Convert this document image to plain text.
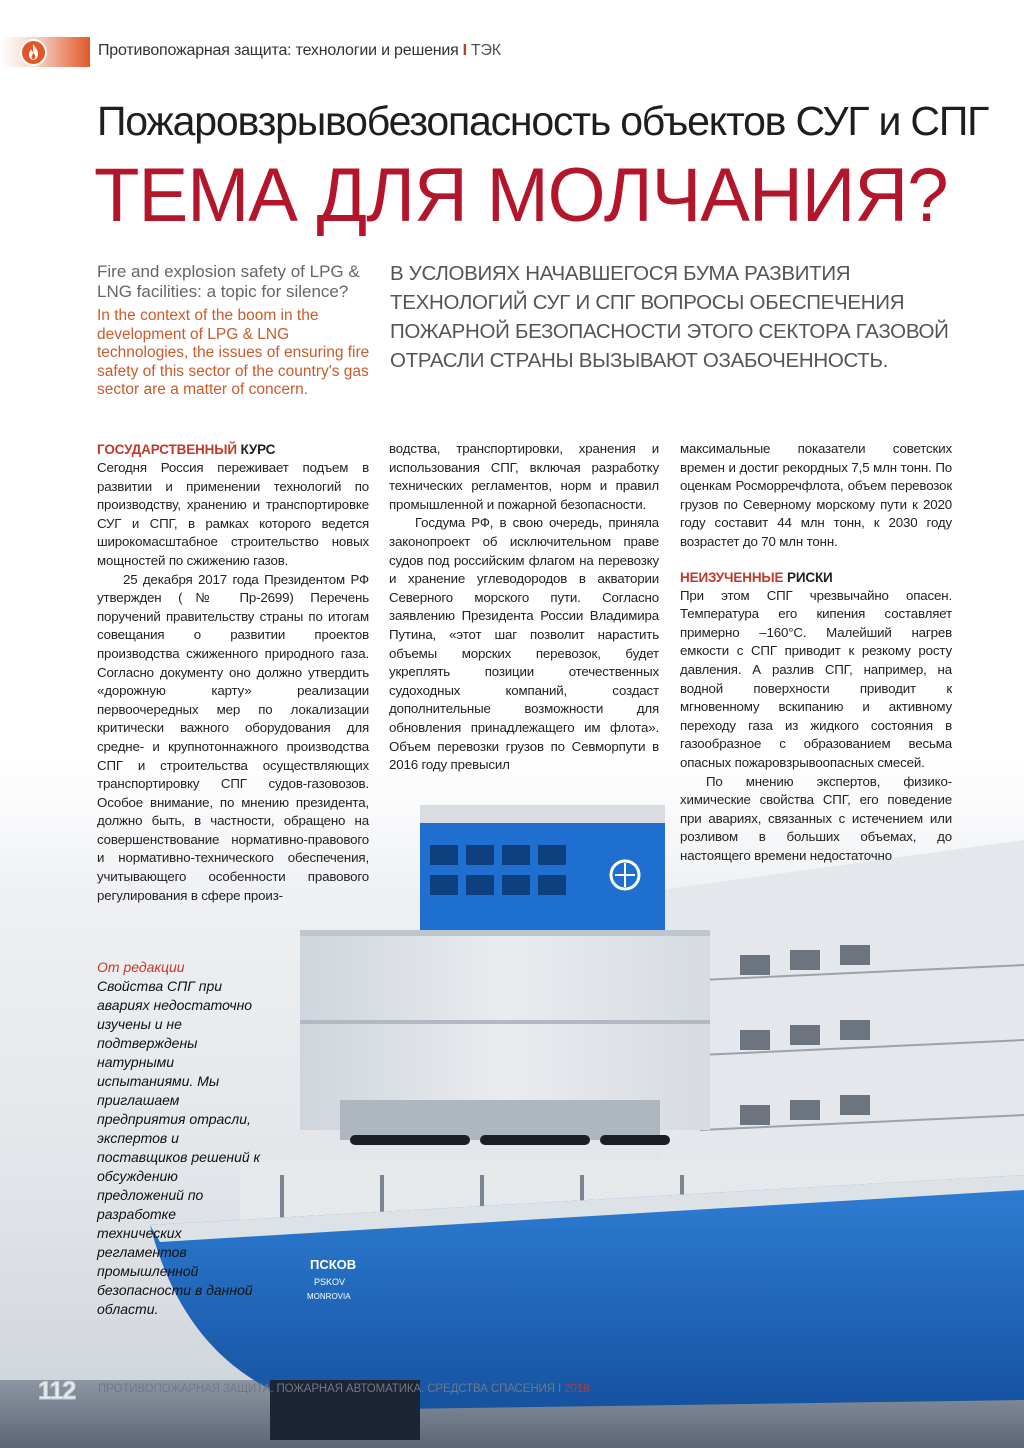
ПСКОВ
PSKOV
MONROVIA
Противопожарная защита: технологии и решения I ТЭК
Пожаровзрывобезопасность объектов СУГ и СПГ
ТЕМА ДЛЯ МОЛЧАНИЯ?
Fire and explosion safety of LPG & LNG facilities: a topic for silence?
In the context of the boom in the development of LPG & LNG technologies, the issues of ensuring fire safety of this sector of the country's gas sector are a matter of concern.
В УСЛОВИЯХ НАЧАВШЕГОСЯ БУМА РАЗВИТИЯ ТЕХНОЛОГИЙ СУГ И СПГ ВОПРОСЫ ОБЕСПЕЧЕНИЯ ПОЖАРНОЙ БЕЗОПАСНОСТИ ЭТОГО СЕКТОРА ГАЗОВОЙ ОТРАСЛИ СТРАНЫ ВЫЗЫВАЮТ ОЗАБОЧЕННОСТЬ.
ГОСУДАРСТВЕННЫЙ КУРС

Сегодня Россия переживает подъем в развитии и применении технологий по производству, хранению и транспортировке СУГ и СПГ, в рамках которого ведется широкомасштабное строительство новых мощностей по сжижению газов.

25 декабря 2017 года Президентом РФ утвержден (№ Пр-2699) Перечень поручений правительству страны по итогам совещания о развитии проектов производства сжиженного природного газа. Согласно документу оно должно утвердить «дорожную карту» реализации первоочередных мер по локализации критически важного оборудования для средне- и крупнотоннажного производства СПГ и строительства осуществляющих транспортировку СПГ судов-газовозов. Особое внимание, по мнению президента, должно быть, в частности, обращено на совершенствование нормативно-правового и нормативно-технического обеспечения, учитывающего особенности правового регулирования в сфере произ-

водства, транспортировки, хранения и использования СПГ, включая разработку технических регламентов, норм и правил промышленной и пожарной безопасности.

Госдума РФ, в свою очередь, приняла законопроект об исключительном праве судов под российским флагом на перевозку и хранение углеводородов в акватории Северного морского пути. Согласно заявлению Президента России Владимира Путина, «этот шаг позволит нарастить объемы морских перевозок, будет укреплять позиции отечественных судоходных компаний, создаст дополнительные возможности для обновления принадлежащего им флота». Объем перевозки грузов по Севморпути в 2016 году превысил

максимальные показатели советских времен и достиг рекордных 7,5 млн тонн. По оценкам Росморречфлота, объем перевозок грузов по Северному морскому пути к 2020 году составит 44 млн тонн, к 2030 году возрастет до 70 млн тонн.

НЕИЗУЧЕННЫЕ РИСКИ

При этом СПГ чрезвычайно опасен. Температура его кипения составляет примерно –160°С. Малейший нагрев емкости с СПГ приводит к резкому росту давления. А разлив СПГ, например, на водной поверхности приводит к мгновенному вскипанию и активному переходу газа из жидкого состояния в газообразное с образованием весьма опасных пожаровзрывоопасных смесей.

По мнению экспертов, физико-химические свойства СПГ, его поведение при авариях, связанных с истечением или розливом в больших объемах, до настоящего времени недостаточно

От редакции
Свойства СПГ при авариях недостаточно изучены и не подтверждены натурными испытаниями. Мы приглашаем предприятия отрасли, экспертов и поставщиков решений к обсуждению предложений по разработке технических регламентов промышленной безопасности в данной области.
112 ПРОТИВОПОЖАРНАЯ ЗАЩИТА. ПОЖАРНАЯ АВТОМАТИКА. СРЕДСТВА СПАСЕНИЯ I 2018
